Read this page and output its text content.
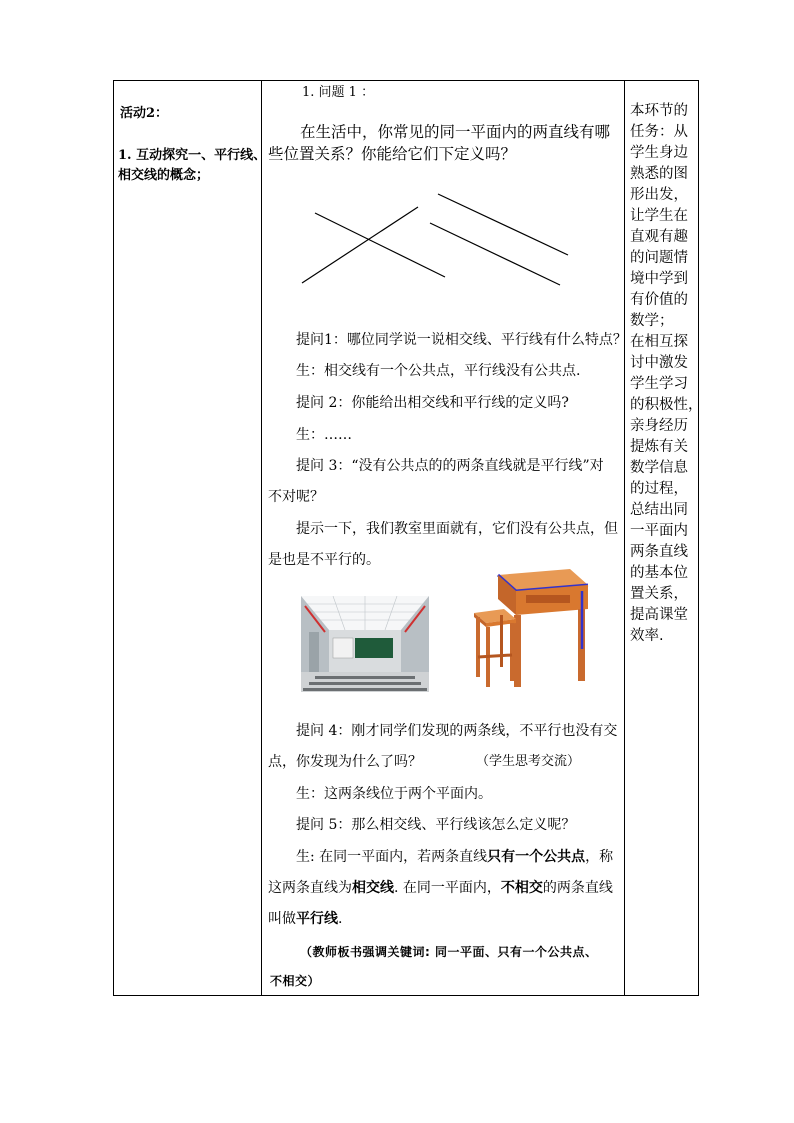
活动2：
1. 互动探究一、平行线、
相交线的概念；
1. 问题 1 ：
在生活中，你常见的同一平面内的两直线有哪
些位置关系？你能给它们下定义吗？
提问1：哪位同学说一说相交线、平行线有什么特点？
生：相交线有一个公共点，平行线没有公共点.
提问 2：你能给出相交线和平行线的定义吗?
生：……
提问 3：“没有公共点的的两条直线就是平行线”对
不对呢？
提示一下，我们教室里面就有，它们没有公共点，但
是也是不平行的。
提问 4：刚才同学们发现的两条线，不平行也没有交
点，你发现为什么了吗？	（学生思考交流）
生：这两条线位于两个平面内。
提问 5：那么相交线、平行线该怎么定义呢？
生: 在同一平面内，若两条直线只有一个公共点，称
这两条直线为相交线. 在同一平面内，不相交的两条直线
叫做平行线.
（教师板书强调关键词: 同一平面、只有一个公共点、
不相交）
本环节的
任务：从
学生身边
熟悉的图
形出发，
让学生在
直观有趣
的问题情
境中学到
有价值的
数学；
在相互探
讨中激发
学生学习
的积极性，
亲身经历
提炼有关
数学信息
的过程，
总结出同
一平面内
两条直线
的基本位
置关系，
提高课堂
效率.
